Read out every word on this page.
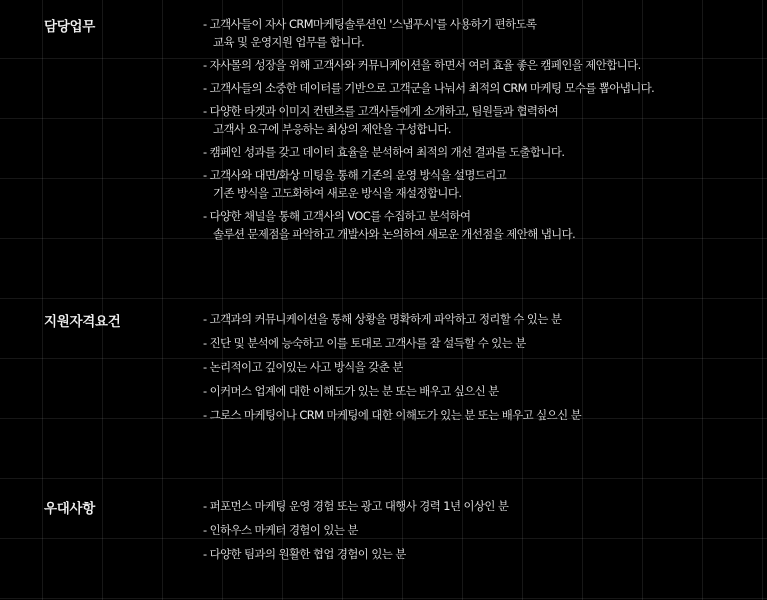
담당업무	- 고객사들이 자사 CRM마케팅솔루션인 '스냅푸시'를 사용하기 편하도록
교육 및 운영지원 업무를 합니다.
- 자사몰의 성장을 위해 고객사와 커뮤니케이션을 하면서 여러 효율 좋은 캠페인을 제안합니다.
- 고객사들의 소중한 데이터를 기반으로 고객군을 나눠서 최적의 CRM 마케팅 모수를 뽑아냅니다.
- 다양한 타겟과 이미지 컨텐츠를 고객사들에게 소개하고, 팀원들과 협력하여
고객사 요구에 부응하는 최상의 제안을 구성합니다.
- 캠페인 성과를 갖고 데이터 효율을 분석하여 최적의 개선 결과를 도출합니다.
- 고객사와 대면/화상 미팅을 통해 기존의 운영 방식을 설명드리고
기존 방식을 고도화하여 새로운 방식을 재설정합니다.
- 다양한 채널을 통해 고객사의 VOC를 수집하고 분석하여
솔루션 문제점을 파악하고 개발사와 논의하여 새로운 개선점을 제안해 냅니다.
지원자격요건	- 고객과의 커뮤니케이션을 통해 상황을 명확하게 파악하고 정리할 수 있는 분
- 진단 및 분석에 능숙하고 이를 토대로 고객사를 잘 설득할 수 있는 분
- 논리적이고 깊이있는 사고 방식을 갖춘 분
- 이커머스 업계에 대한 이해도가 있는 분 또는 배우고 싶으신 분
- 그로스 마케팅이나 CRM 마케팅에 대한 이해도가 있는 분 또는 배우고 싶으신 분
우대사항	- 퍼포먼스 마케팅 운영 경험 또는 광고 대행사 경력 1년 이상인 분
- 인하우스 마케터 경험이 있는 분
- 다양한 팀과의 원활한 협업 경험이 있는 분
